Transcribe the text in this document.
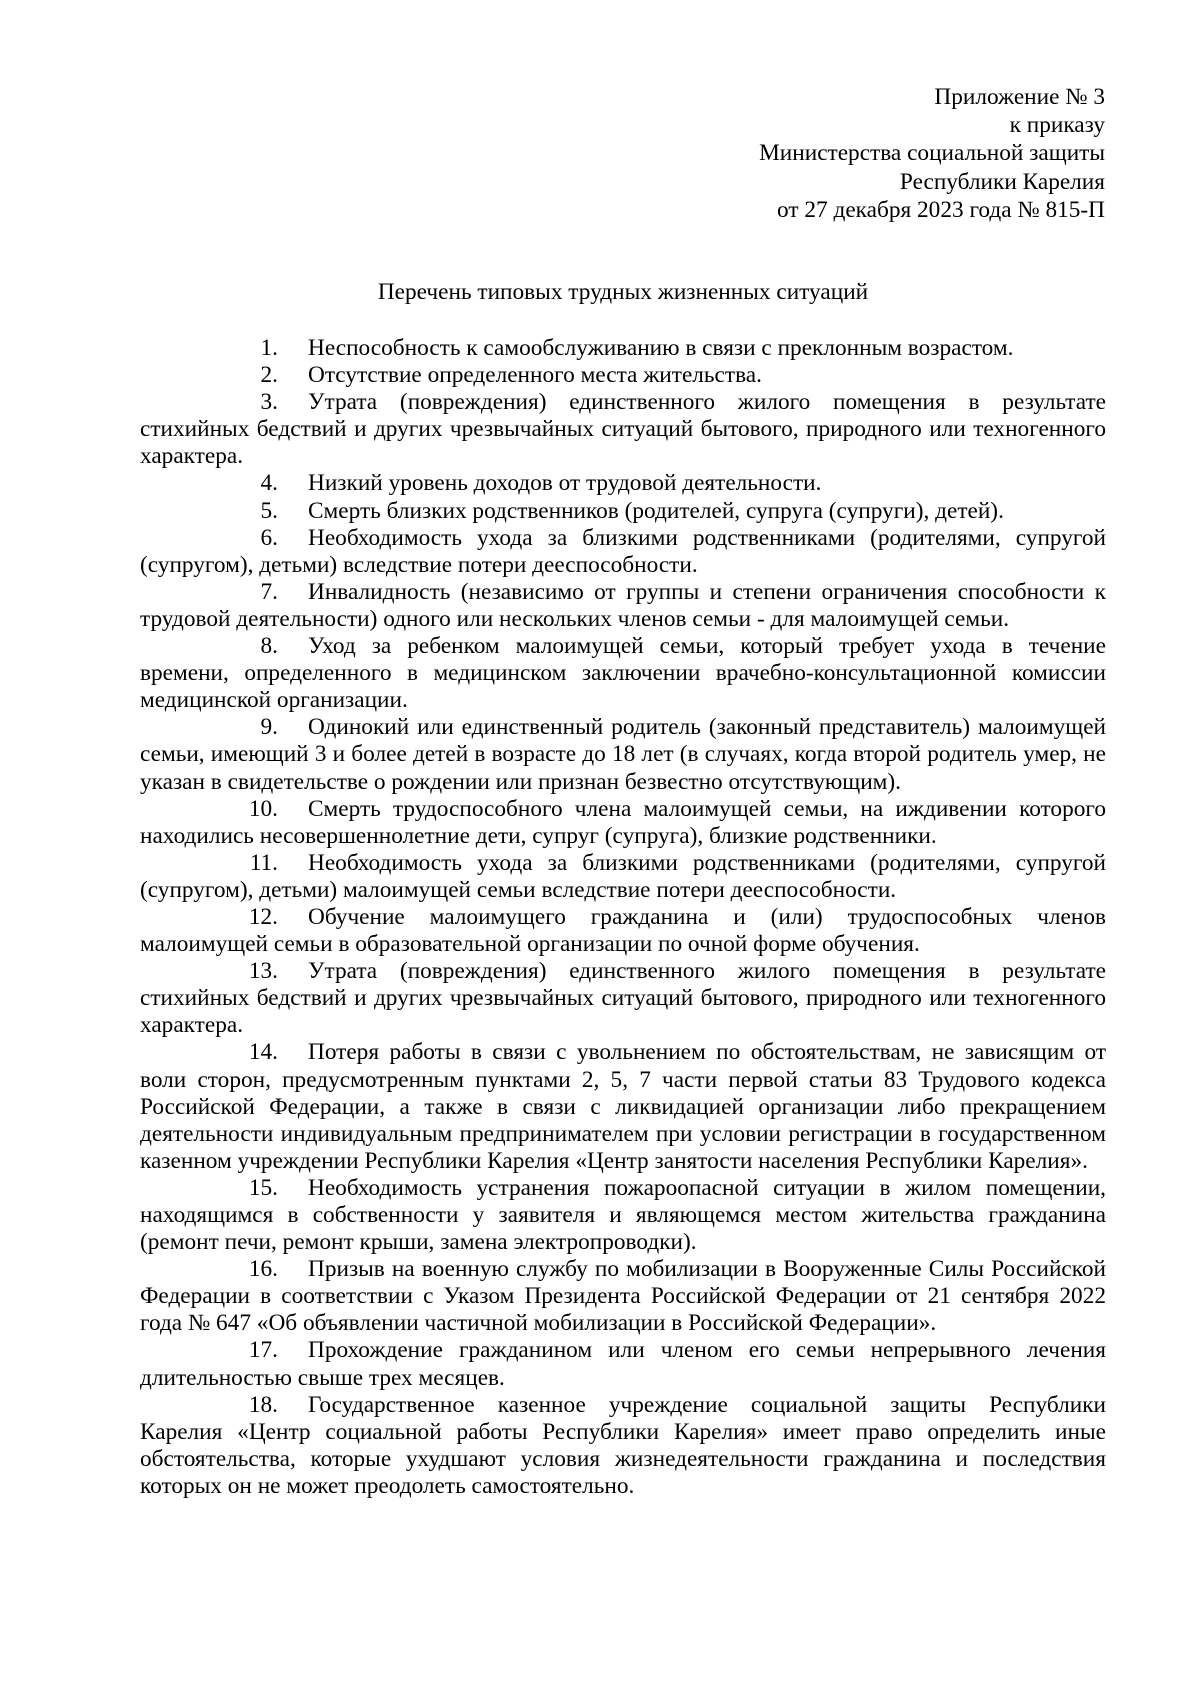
Приложение № 3
к приказу
Министерства социальной защиты
Республики Карелия
от 27 декабря 2023 года № 815-П
Перечень типовых трудных жизненных ситуаций

1. Неспособность к самообслуживанию в связи с преклонным возрастом.

2. Отсутствие определенного места жительства.

3. Утрата (повреждения) единственного жилого помещения в результате стихийных бедствий и других чрезвычайных ситуаций бытового, природного или техногенного характера.

4. Низкий уровень доходов от трудовой деятельности.

5. Смерть близких родственников (родителей, супруга (супруги), детей).

6. Необходимость ухода за близкими родственниками (родителями, супругой (супругом), детьми) вследствие потери дееспособности.

7. Инвалидность (независимо от группы и степени ограничения способности к трудовой деятельности) одного или нескольких членов семьи - для малоимущей семьи.

8. Уход за ребенком малоимущей семьи, который требует ухода в течение времени, определенного в медицинском заключении врачебно-консультационной комиссии медицинской организации.

9. Одинокий или единственный родитель (законный представитель) малоимущей семьи, имеющий 3 и более детей в возрасте до 18 лет (в случаях, когда второй родитель умер, не указан в свидетельстве о рождении или признан безвестно отсутствующим).

10. Смерть трудоспособного члена малоимущей семьи, на иждивении которого находились несовершеннолетние дети, супруг (супруга), близкие родственники.

11. Необходимость ухода за близкими родственниками (родителями, супругой (супругом), детьми) малоимущей семьи вследствие потери дееспособности.

12. Обучение малоимущего гражданина и (или) трудоспособных членов малоимущей семьи в образовательной организации по очной форме обучения.

13. Утрата (повреждения) единственного жилого помещения в результате стихийных бедствий и других чрезвычайных ситуаций бытового, природного или техногенного характера.

14. Потеря работы в связи с увольнением по обстоятельствам, не зависящим от воли сторон, предусмотренным пунктами 2, 5, 7 части первой статьи 83 Трудового кодекса Российской Федерации, а также в связи с ликвидацией организации либо прекращением деятельности индивидуальным предпринимателем при условии регистрации в государственном казенном учреждении Республики Карелия «Центр занятости населения Республики Карелия».

15. Необходимость устранения пожароопасной ситуации в жилом помещении, находящимся в собственности у заявителя и являющемся местом жительства гражданина (ремонт печи, ремонт крыши, замена электропроводки).

16. Призыв на военную службу по мобилизации в Вооруженные Силы Российской Федерации в соответствии с Указом Президента Российской Федерации от 21 сентября 2022 года № 647 «Об объявлении частичной мобилизации в Российской Федерации».

17. Прохождение гражданином или членом его семьи непрерывного лечения длительностью свыше трех месяцев.

18. Государственное казенное учреждение социальной защиты Республики Карелия «Центр социальной работы Республики Карелия» имеет право определить иные обстоятельства, которые ухудшают условия жизнедеятельности гражданина и последствия которых он не может преодолеть самостоятельно.
